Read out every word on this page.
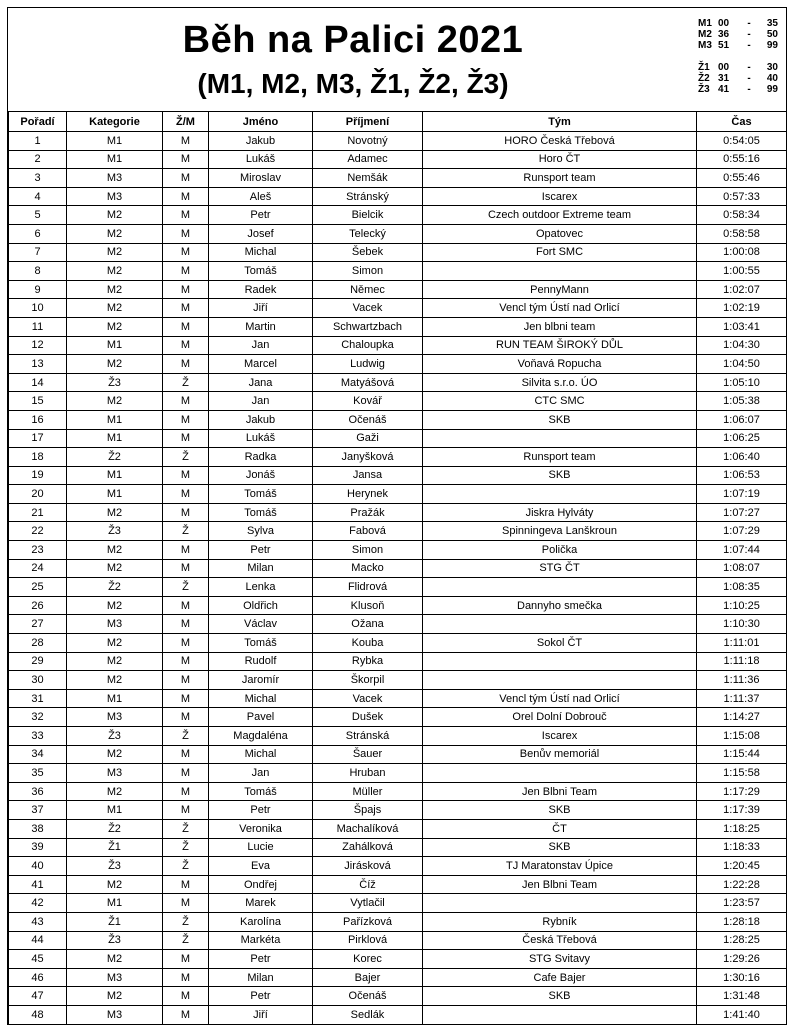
Běh na Palici 2021
(M1, M2, M3, Ž1, Ž2, Ž3)
M1 00	-	35
M2 36	-	50
M3 51	-	99
Ž1 00	-	30
Ž2 31	-	40
Ž3 41	-	99
Pořadí	Kategorie	Ž/M	Jméno	Příjmení	Tým	Čas
1	M1	M	Jakub	Novotný	HORO Česká Třebová	0:54:05
2	M1	M	Lukáš	Adamec	Horo ČT	0:55:16
3	M3	M	Miroslav	Nemšák	Runsport team	0:55:46
4	M3	M	Aleš	Stránský	Iscarex	0:57:33
5	M2	M	Petr	Bielcik	Czech outdoor Extreme team	0:58:34
6	M2	M	Josef	Telecký	Opatovec	0:58:58
7	M2	M	Michal	Šebek	Fort SMC	1:00:08
8	M2	M	Tomáš	Simon		1:00:55
9	M2	M	Radek	Němec	PennyMann	1:02:07
10	M2	M	Jiří	Vacek	Vencl tým Ústí nad Orlicí	1:02:19
11	M2	M	Martin	Schwartzbach	Jen blbni team	1:03:41
12	M1	M	Jan	Chaloupka	RUN TEAM ŠIROKÝ DŮL	1:04:30
13	M2	M	Marcel	Ludwig	Voňavá Ropucha	1:04:50
14	Ž3	Ž	Jana	Matyášová	Silvita s.r.o. ÚO	1:05:10
15	M2	M	Jan	Kovář	CTC SMC	1:05:38
16	M1	M	Jakub	Očenáš	SKB	1:06:07
17	M1	M	Lukáš	Gaži		1:06:25
18	Ž2	Ž	Radka	Janyšková	Runsport team	1:06:40
19	M1	M	Jonáš	Jansa	SKB	1:06:53
20	M1	M	Tomáš	Herynek		1:07:19
21	M2	M	Tomáš	Pražák	Jiskra Hylváty	1:07:27
22	Ž3	Ž	Sylva	Fabová	Spinningeva Lanškroun	1:07:29
23	M2	M	Petr	Simon	Polička	1:07:44
24	M2	M	Milan	Macko	STG ČT	1:08:07
25	Ž2	Ž	Lenka	Flidrová		1:08:35
26	M2	M	Oldřich	Klusoň	Dannyho smečka	1:10:25
27	M3	M	Václav	Ožana		1:10:30
28	M2	M	Tomáš	Kouba	Sokol ČT	1:11:01
29	M2	M	Rudolf	Rybka		1:11:18
30	M2	M	Jaromír	Škorpil		1:11:36
31	M1	M	Michal	Vacek	Vencl tým Ústí nad Orlicí	1:11:37
32	M3	M	Pavel	Dušek	Orel Dolní Dobrouč	1:14:27
33	Ž3	Ž	Magdaléna	Stránská	Iscarex	1:15:08
34	M2	M	Michal	Šauer	Benův memoriál	1:15:44
35	M3	M	Jan	Hruban		1:15:58
36	M2	M	Tomáš	Müller	Jen Blbni Team	1:17:29
37	M1	M	Petr	Špajs	SKB	1:17:39
38	Ž2	Ž	Veronika	Machalíková	ČT	1:18:25
39	Ž1	Ž	Lucie	Zahálková	SKB	1:18:33
40	Ž3	Ž	Eva	Jirásková	TJ Maratonstav Úpice	1:20:45
41	M2	M	Ondřej	Číž	Jen Blbni Team	1:22:28
42	M1	M	Marek	Vytlačil		1:23:57
43	Ž1	Ž	Karolína	Pařízková	Rybník	1:28:18
44	Ž3	Ž	Markéta	Pirklová	Česká Třebová	1:28:25
45	M2	M	Petr	Korec	STG Svitavy	1:29:26
46	M3	M	Milan	Bajer	Cafe Bajer	1:30:16
47	M2	M	Petr	Očenáš	SKB	1:31:48
48	M3	M	Jiří	Sedlák		1:41:40
